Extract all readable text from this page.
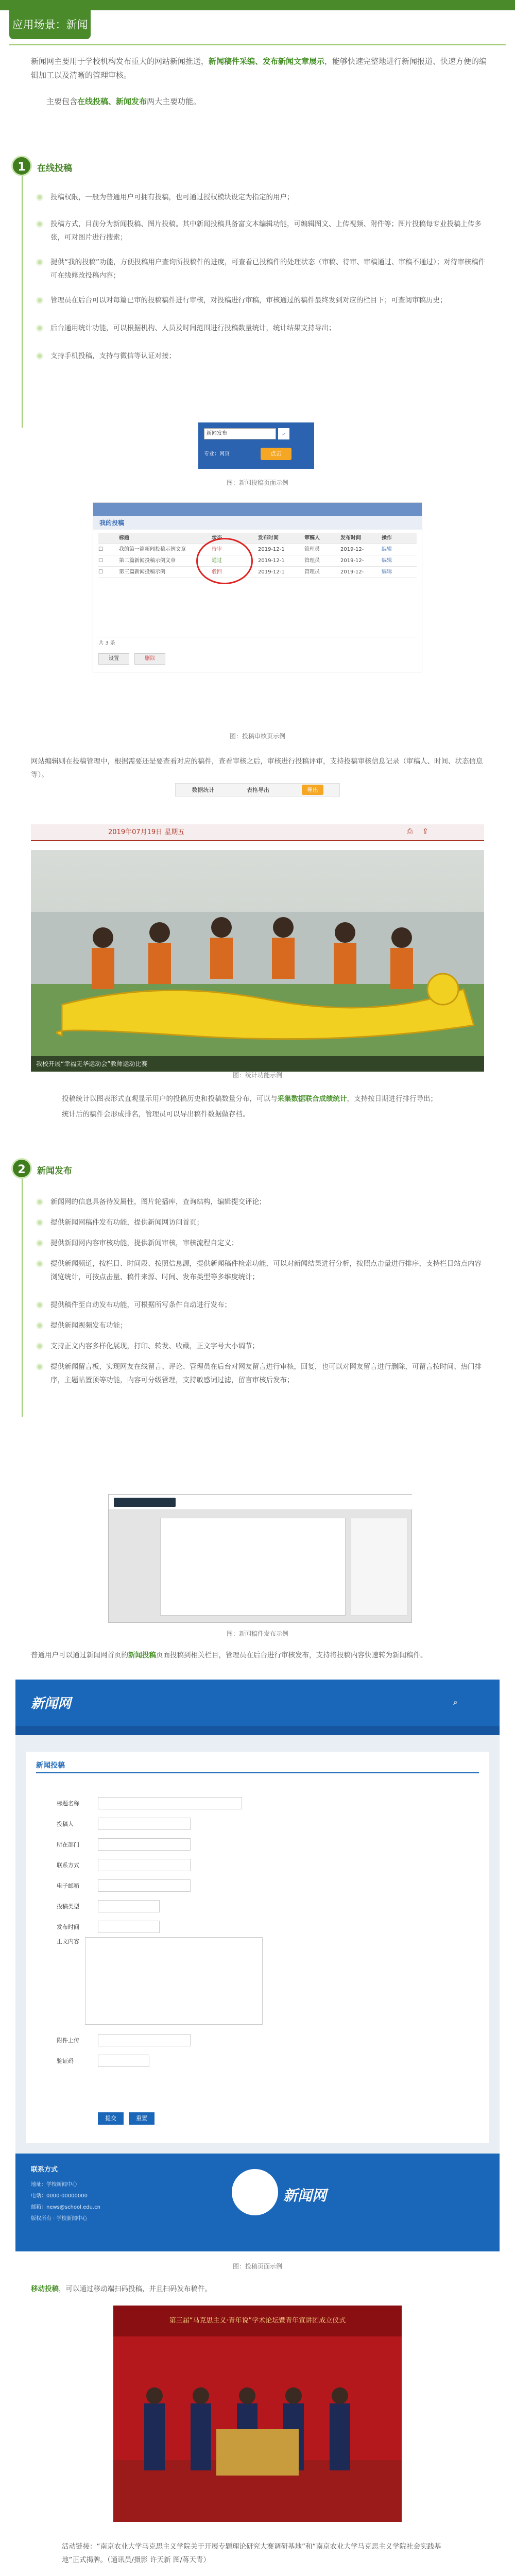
应用场景：新闻网
新闻网主要用于学校机构发布重大的网站新闻推送，新闻稿件采编、发布新闻文章展示，能够快速完整地进行新闻报道、快速方便的编辑加工以及清晰的管理审核。
主要包含在线投稿、新闻发布两大主要功能。
1	在线投稿
投稿权限，一般为普通用户可拥有投稿，也可通过授权模块设定为指定的用户；
投稿方式，目前分为新闻投稿、图片投稿。其中新闻投稿具备富文本编辑功能，可编辑图文、上传视频、附件等；图片投稿每专业投稿上传多张，可对图片进行搜索；
提供“我的投稿”功能，方便投稿用户查询所投稿件的进度，可查看已投稿件的处理状态（审稿、待审、审稿通过、审稿不通过）；对待审核稿件可在线修改投稿内容；
管理员在后台可以对每篇已审的投稿稿件进行审核，对投稿进行审稿，审核通过的稿件最终发到对应的栏目下；可查阅审稿历史；
后台通用统计功能，可以根据机构、人员及时间范围进行投稿数量统计，统计结果支持导出；
支持手机投稿，支持与微信等认证对接；
新闻发布	⌕
专业：网页	点击
图：新闻投稿页面示例
我的投稿
标题	状态	发布时间	审稿人	发布时间	操作
☐	我的第一篇新闻投稿示例文章	待审	2019-12-1	管理员	2019-12-	编辑
☐	第二篇新闻投稿示例文章	通过	2019-12-1	管理员	2019-12-	编辑
☐	第三篇新闻投稿示例	驳回	2019-12-1	管理员	2019-12-	编辑
共 3 条
设置	删除
图：投稿审核页示例
网站编辑则在投稿管理中，根据需要还是要查看对应的稿件，查看审核之后，审核进行投稿评审，支持投稿审核信息记录（审稿人、时间、状态信息等）。
数据统计	表格导出	导出
2019年07月19日 星期五	⎙	⇪
我校开展“幸福无华运动会”教师运动比赛
投稿统计以图表形式直观显示用户的投稿历史和投稿数量分布，可以与采集数据联合成绩统计，支持按日期进行排行导出；
统计后的稿件会形成排名，管理员可以导出稿件数据做存档。
图：统计功能示例
2	新闻发布
新闻网的信息具备待发属性，图片轮播库，查询结构，编辑提交评论；
提供新闻网稿件发布功能，提供新闻网访问首页；
提供新闻网内容审核功能，提供新闻审核，审核流程自定义；
提供新闻频道，按栏目、时间段、按照信息源，提供新闻稿件检索功能，可以对新闻结果进行分析，按照点击量进行排序，支持栏目站点内容浏览统计，可按点击量、稿件来源、时间、发布类型等多维度统计；
提供稿件至自动发布功能，可根据所写条件自动进行发布；
提供新闻视频发布功能；
支持正文内容多样化展现，打印、转发、收藏，正文字号大小调节；
提供新闻留言板，实现网友在线留言、评论、管理员在后台对网友留言进行审核，回复，也可以对网友留言进行删除，可留言按时间、热门排序，主题帖置顶等功能，内容可分级管理，支持敏感词过滤，留言审核后发布；
图：新闻稿件发布示例
普通用户可以通过新闻网首页的新闻投稿页面投稿到相关栏目，管理员在后台进行审核发布，支持将投稿内容快速转为新闻稿件。
新闻网	⌕
新闻投稿
标题名称
投稿人
所在部门
联系方式
电子邮箱
投稿类型
发布时间
正文内容
附件上传
验证码
提交	重置
联系方式
地址：学校新闻中心
电话：0000-00000000
邮箱：news@school.edu.cn
版权所有 · 学校新闻中心
新闻网
图：投稿页面示例
移动投稿，可以通过移动端扫码投稿，并且扫码发布稿件。
第三届“马克思主义·青年说”学术论坛暨青年宣讲团成立仪式
活动链接：“南京农业大学马克思主义学院关于开展专题理论研究大赛调研基地”和“南京农业大学马克思主义学院社会实践基地”正式揭牌。（通讯员/摄影 许天新 图/蒋天青）
